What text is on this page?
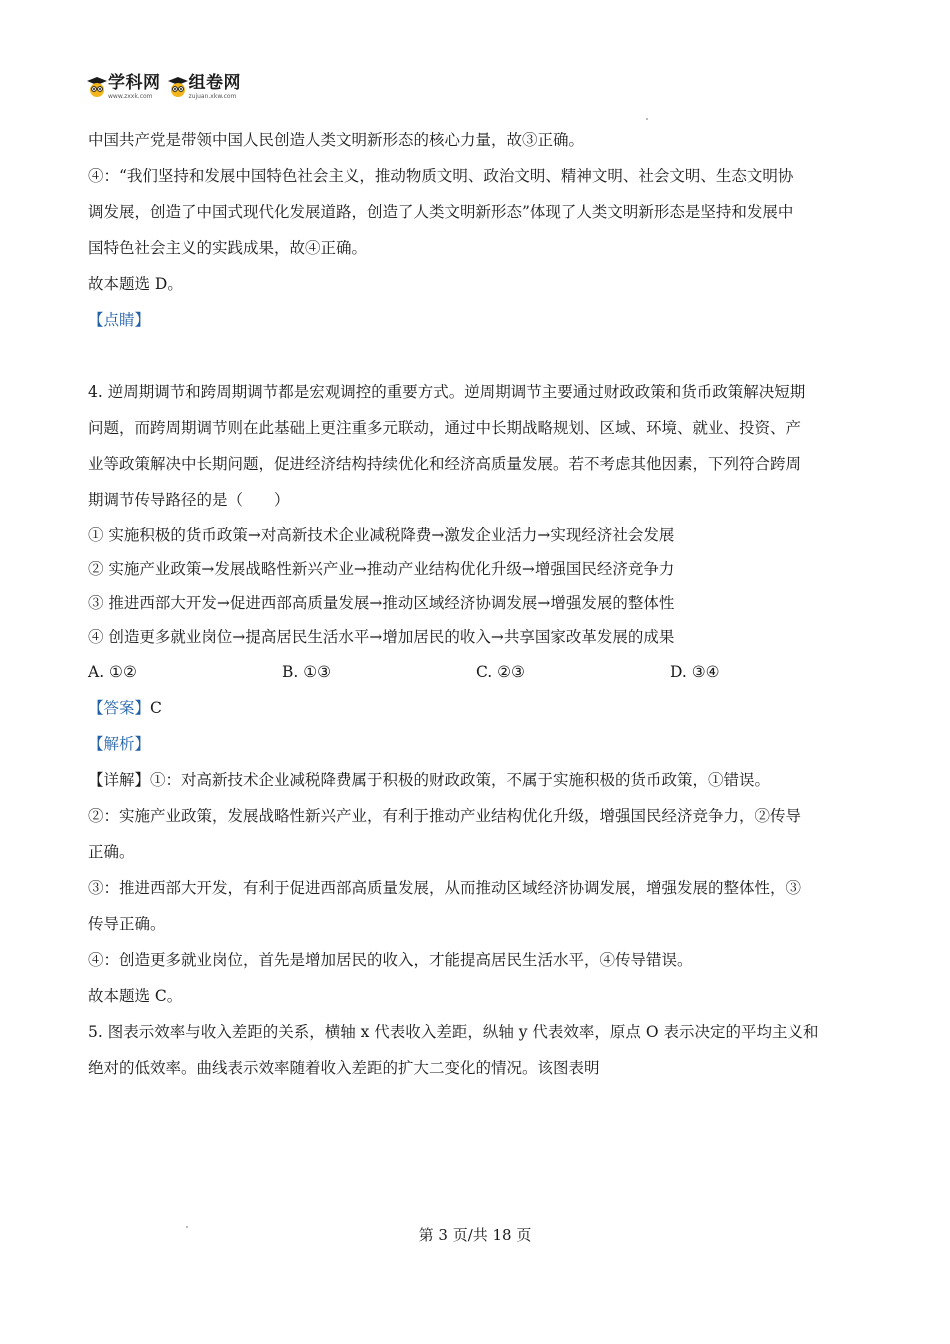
学科网
www.zxxk.com
组卷网
zujuan.xkw.com
中国共产党是带领中国人民创造人类文明新形态的核心力量，故③正确。
④：“我们坚持和发展中国特色社会主义，推动物质文明、政治文明、精神文明、社会文明、生态文明协
调发展，创造了中国式现代化发展道路，创造了人类文明新形态”体现了人类文明新形态是坚持和发展中
国特色社会主义的实践成果，故④正确。
故本题选 D。
【点睛】
4. 逆周期调节和跨周期调节都是宏观调控的重要方式。逆周期调节主要通过财政政策和货币政策解决短期
问题，而跨周期调节则在此基础上更注重多元联动，通过中长期战略规划、区域、环境、就业、投资、产
业等政策解决中长期问题，促进经济结构持续优化和经济高质量发展。若不考虑其他因素，下列符合跨周
期调节传导路径的是（　　）
① 实施积极的货币政策→对高新技术企业减税降费→激发企业活力→实现经济社会发展
② 实施产业政策→发展战略性新兴产业→推动产业结构优化升级→增强国民经济竞争力
③ 推进西部大开发→促进西部高质量发展→推动区域经济协调发展→增强发展的整体性
④ 创造更多就业岗位→提高居民生活水平→增加居民的收入→共享国家改革发展的成果
A. ①②	B. ①③	C. ②③	D. ③④
【答案】C
【解析】
【详解】①：对高新技术企业减税降费属于积极的财政政策，不属于实施积极的货币政策，①错误。
②：实施产业政策，发展战略性新兴产业，有利于推动产业结构优化升级，增强国民经济竞争力，②传导
正确。
③：推进西部大开发，有利于促进西部高质量发展，从而推动区域经济协调发展，增强发展的整体性，③
传导正确。
④：创造更多就业岗位，首先是增加居民的收入，才能提高居民生活水平，④传导错误。
故本题选 C。
5. 图表示效率与收入差距的关系，横轴 x 代表收入差距，纵轴 y 代表效率，原点 O 表示决定的平均主义和
绝对的低效率。曲线表示效率随着收入差距的扩大二变化的情况。该图表明
第 3 页/共 18 页
